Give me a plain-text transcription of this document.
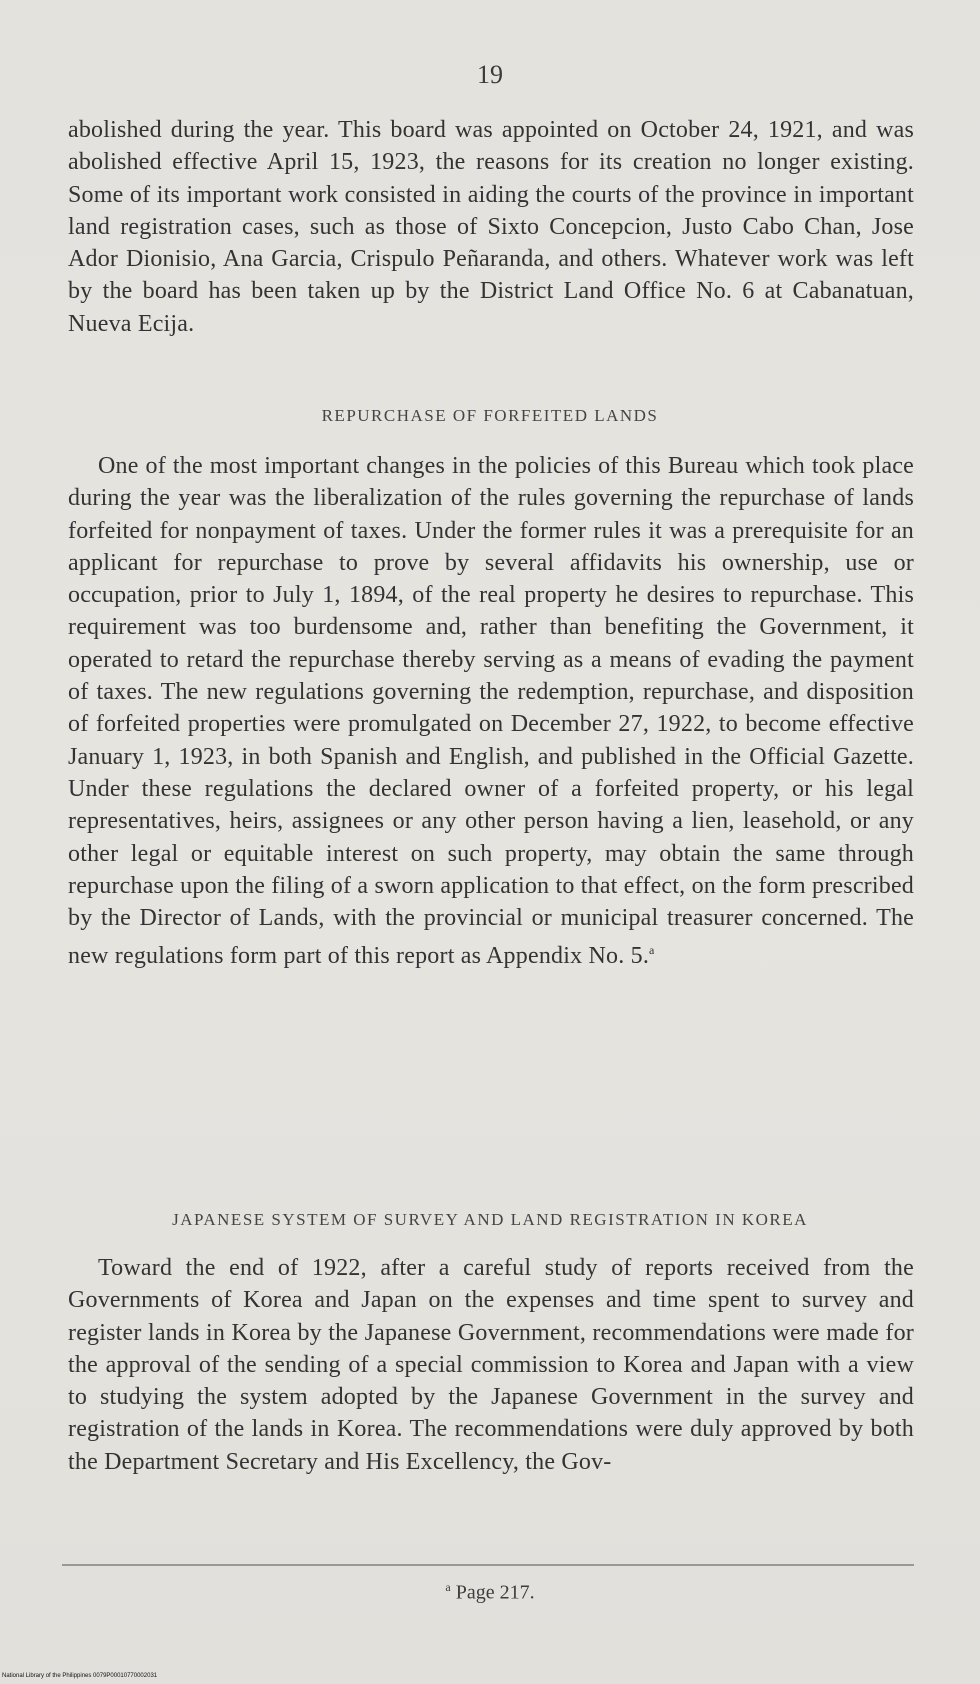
19
abolished during the year. This board was appointed on October 24, 1921, and was abolished effective April 15, 1923, the reasons for its creation no longer existing. Some of its important work consisted in aiding the courts of the province in important land registration cases, such as those of Sixto Concepcion, Justo Cabo Chan, Jose Ador Dionisio, Ana Garcia, Crispulo Peñaranda, and others. Whatever work was left by the board has been taken up by the District Land Office No. 6 at Cabanatuan, Nueva Ecija.
REPURCHASE OF FORFEITED LANDS
One of the most important changes in the policies of this Bureau which took place during the year was the liberalization of the rules governing the repurchase of lands forfeited for nonpayment of taxes. Under the former rules it was a prerequisite for an applicant for repurchase to prove by several affidavits his ownership, use or occupation, prior to July 1, 1894, of the real property he desires to repurchase. This requirement was too burdensome and, rather than benefiting the Government, it operated to retard the repurchase thereby serving as a means of evading the payment of taxes. The new regulations governing the redemption, repurchase, and disposition of forfeited properties were promulgated on December 27, 1922, to become effective January 1, 1923, in both Spanish and English, and published in the Official Gazette. Under these regulations the declared owner of a forfeited property, or his legal representatives, heirs, assignees or any other person having a lien, leasehold, or any other legal or equitable interest on such property, may obtain the same through repurchase upon the filing of a sworn application to that effect, on the form prescribed by the Director of Lands, with the provincial or municipal treasurer concerned. The new regulations form part of this report as Appendix No. 5.$^a$
JAPANESE SYSTEM OF SURVEY AND LAND REGISTRATION IN KOREA
Toward the end of 1922, after a careful study of reports received from the Governments of Korea and Japan on the expenses and time spent to survey and register lands in Korea by the Japanese Government, recommendations were made for the approval of the sending of a special commission to Korea and Japan with a view to studying the system adopted by the Japanese Government in the survey and registration of the lands in Korea. The recommendations were duly approved by both the Department Secretary and His Excellency, the Gov-
$^a$ Page 217.
National Library of the Philippines 0079P00010770002031
